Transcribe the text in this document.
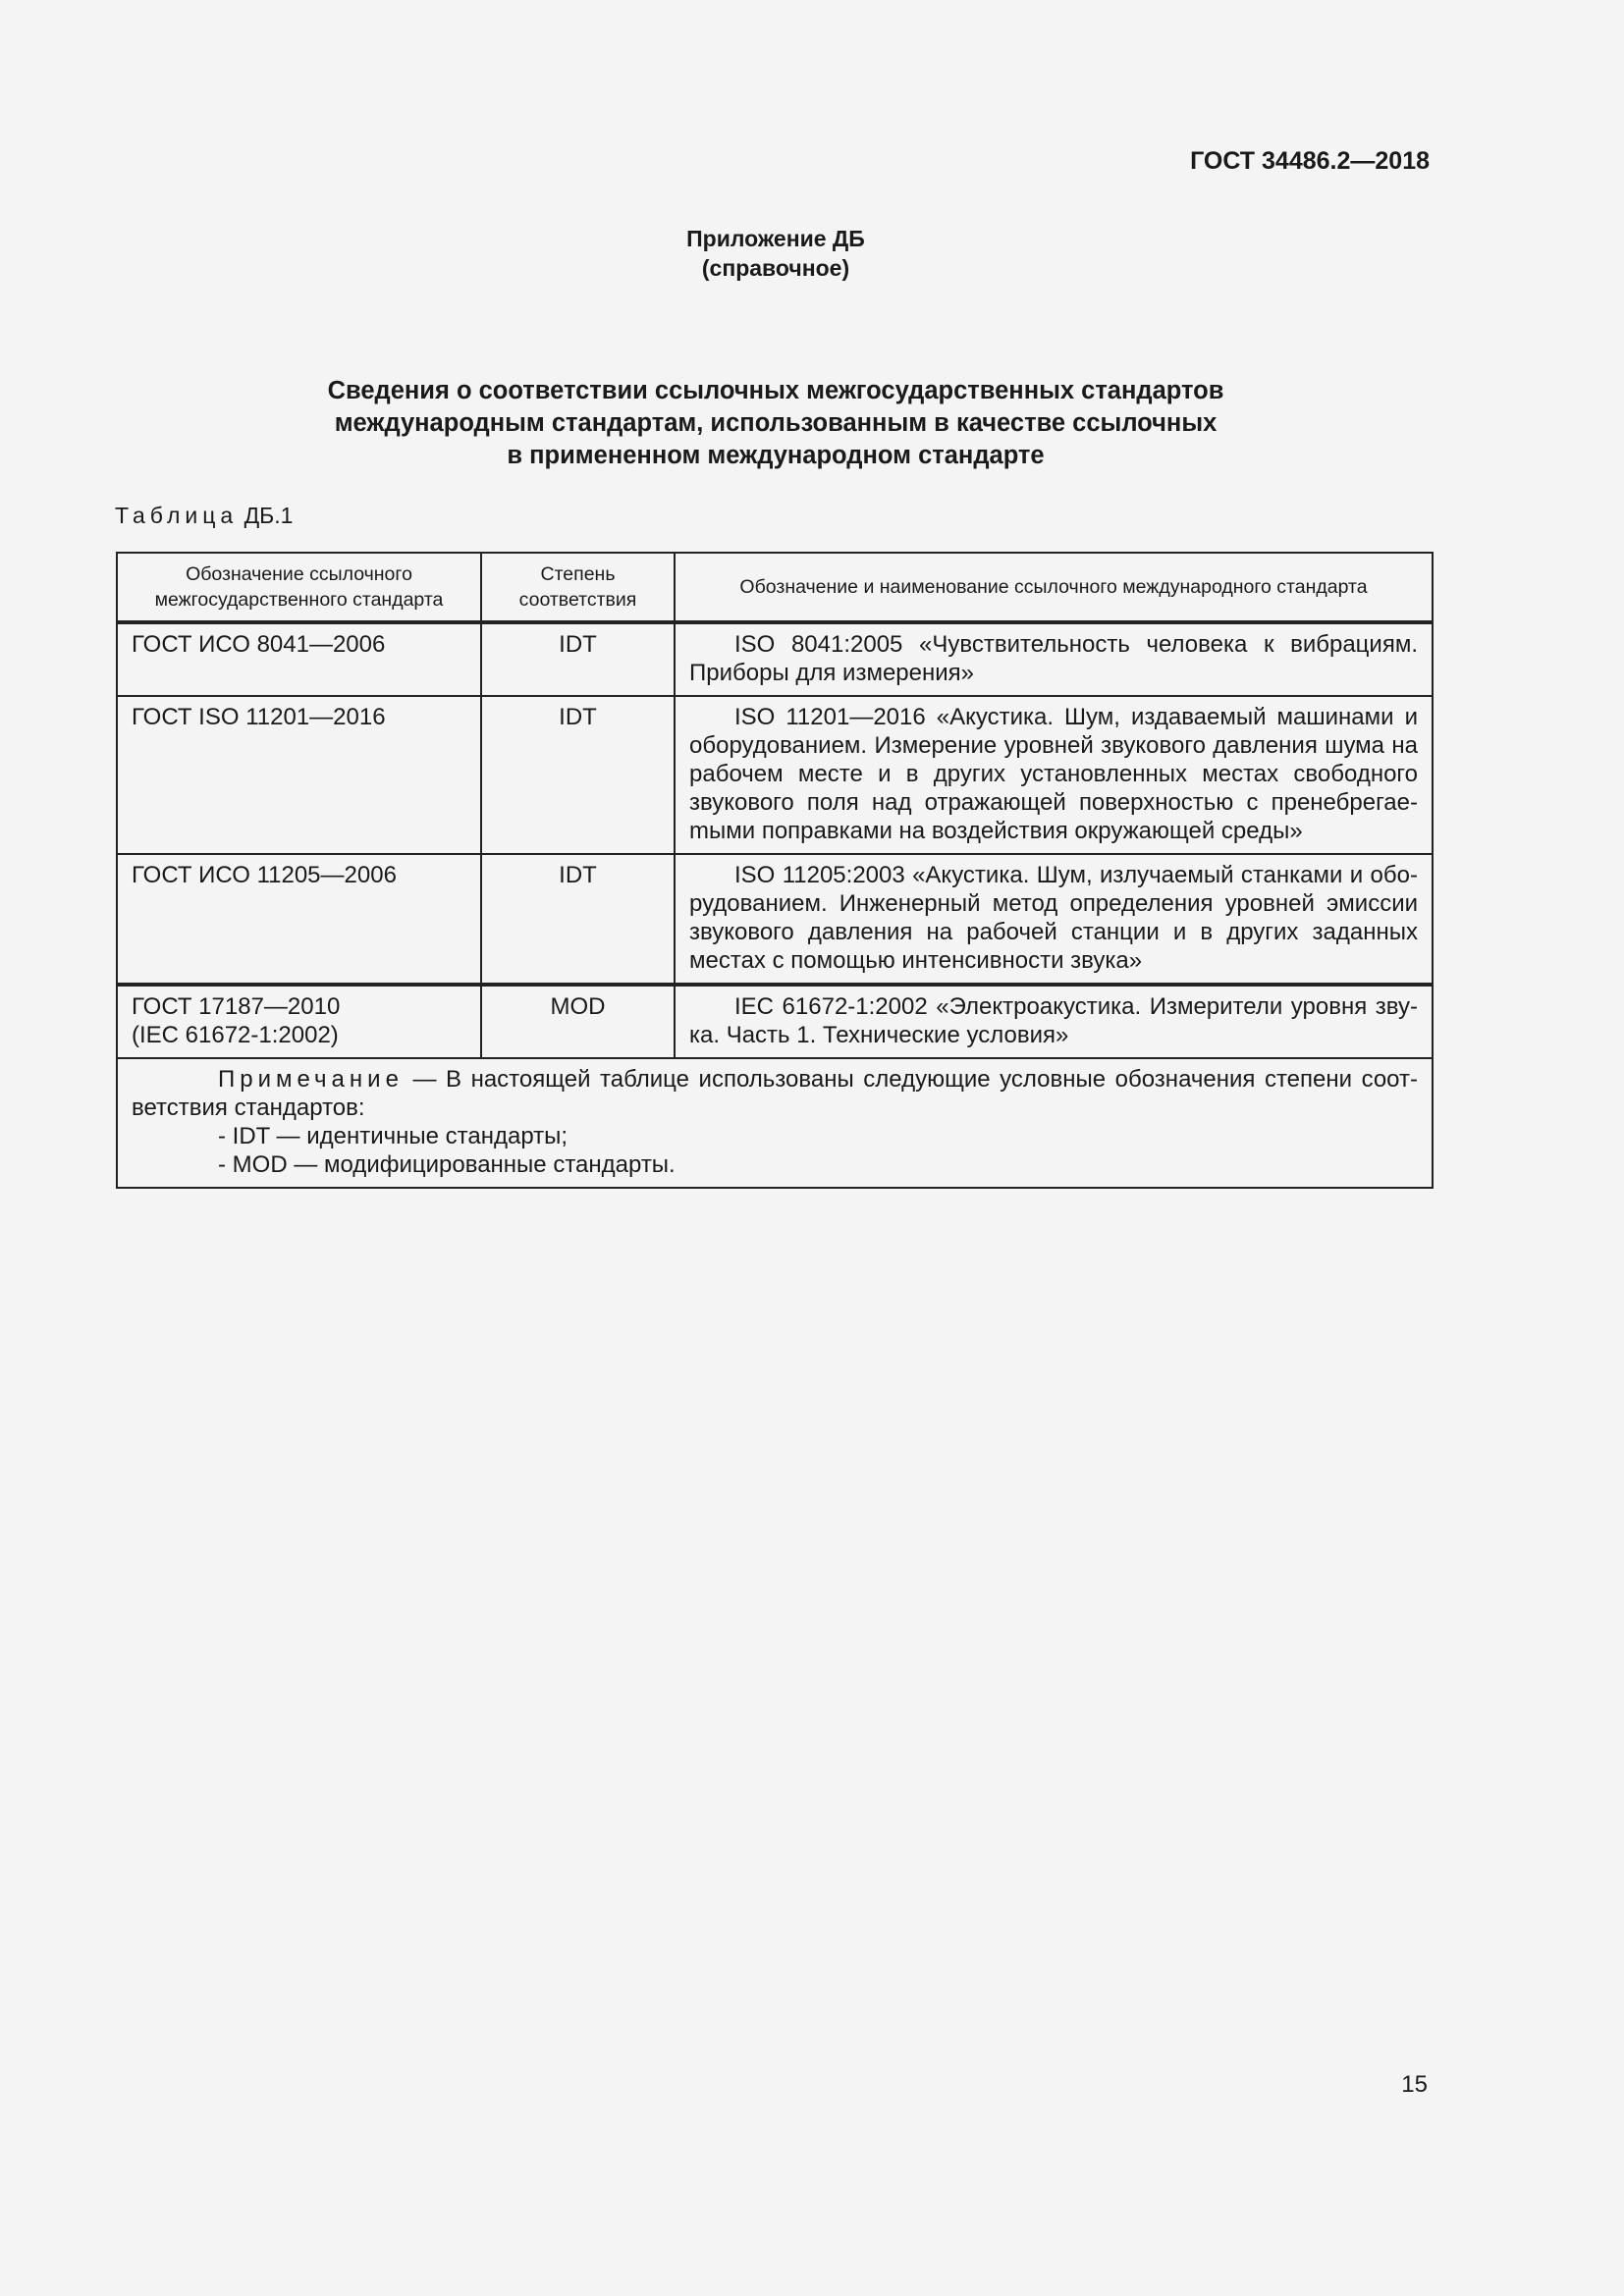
ГОСТ 34486.2—2018

Приложение ДБ
(справочное)
Сведения о соответствии ссылочных межгосударственных стандартов
международным стандартам, использованным в качестве ссылочных
в примененном международном стандарте
Таблица ДБ.1
Обозначение ссылочного межгосударственного стандарта	Степень соответствия	Обозначение и наименование ссылочного международного стандарта
ГОСТ ИСО 8041—2006	IDT	ISO 8041:2005 «Чувствительность человека к вибрациям. Приборы для измерения»
ГОСТ ISO 11201—2016	IDT	ISO 11201—2016 «Акустика. Шум, издаваемый машинами и оборудованием. Измерение уровней звукового давления шума на рабочем месте и в других установленных местах свободного звукового поля над отражающей поверхностью с пренебрегаеmыми поправками на воздействия окружающей среды»
ГОСТ ИСО 11205—2006	IDT	ISO 11205:2003 «Акустика. Шум, излучаемый станками и оборудованием. Инженерный метод определения уровней эмиссии звукового давления на рабочей станции и в других заданных местах с помощью интенсивности звука»
ГОСТ 17187—2010
(IEC 61672-1:2002)	MOD	IEC 61672-1:2002 «Электроакустика. Измерители уровня звука. Часть 1. Технические условия»

Примечание — В настоящей таблице использованы следующие условные обозначения степени соответствия стандартов:

- IDT — идентичные стандарты;

- MOD — модифицированные стандарты.		

15
